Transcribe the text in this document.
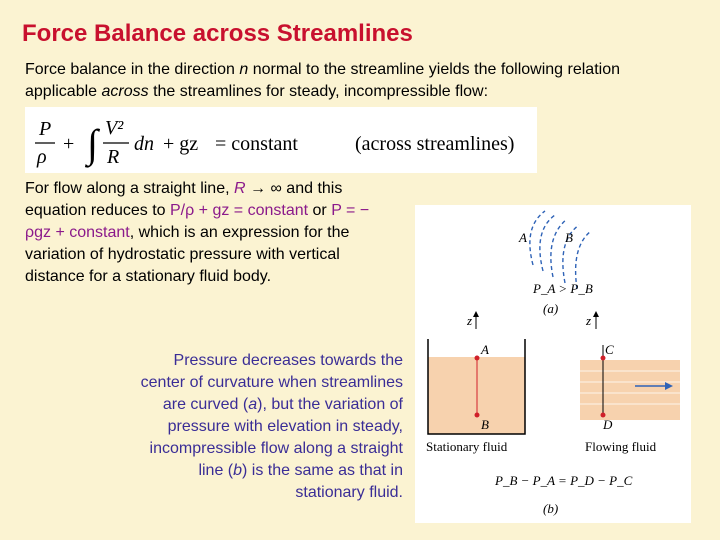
Force Balance across Streamlines
Force balance in the direction n normal to the streamline yields the following relation applicable across the streamlines for steady, incompressible flow:
P
ρ
+ ∫ V²
R
dn + gz = constant	(across streamlines)
For flow along a straight line, R → ∞ and this equation reduces to P/ρ + gz = constant or P = − ρgz + constant, which is an expression for the variation of hydrostatic pressure with vertical distance for a stationary fluid body.
Pressure decreases towards the center of curvature when streamlines are curved (a), but the variation of pressure with elevation in steady, incompressible flow along a straight line (b) is the same as that in stationary fluid.
A	B
P_A > P_B
(a)
z
A
B
Stationary fluid
z
C
D
Flowing fluid
P_B − P_A = P_D − P_C
(b)
